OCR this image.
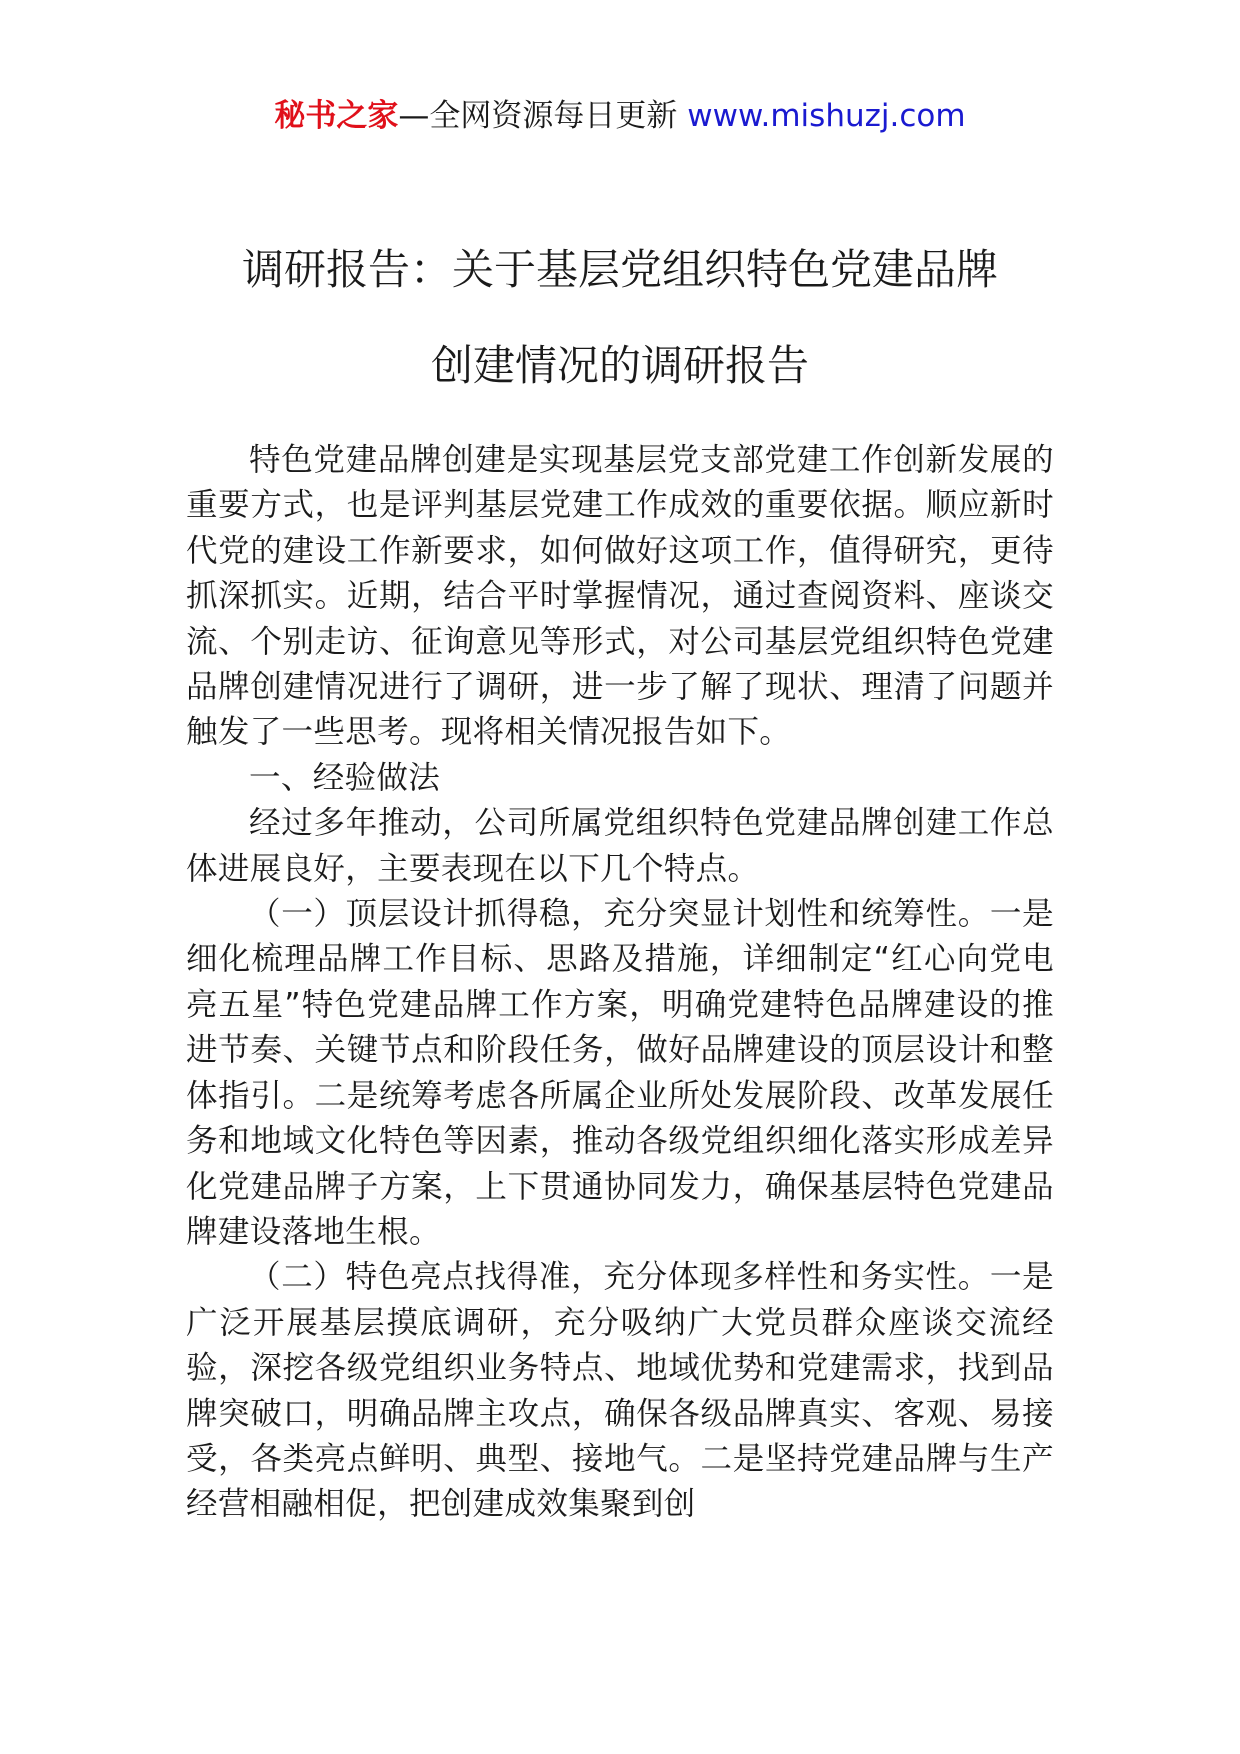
秘书之家—全网资源每日更新 www.mishuzj.com
调研报告：关于基层党组织特色党建品牌
创建情况的调研报告

特色党建品牌创建是实现基层党支部党建工作创新发展的重要方式，也是评判基层党建工作成效的重要依据。顺应新时代党的建设工作新要求，如何做好这项工作，值得研究，更待抓深抓实。近期，结合平时掌握情况，通过查阅资料、座谈交流、个别走访、征询意见等形式，对公司基层党组织特色党建品牌创建情况进行了调研，进一步了解了现状、理清了问题并触发了一些思考。现将相关情况报告如下。

一、经验做法

经过多年推动，公司所属党组织特色党建品牌创建工作总体进展良好，主要表现在以下几个特点。

（一）顶层设计抓得稳，充分突显计划性和统筹性。一是细化梳理品牌工作目标、思路及措施，详细制定“红心向党电亮五星”特色党建品牌工作方案，明确党建特色品牌建设的推进节奏、关键节点和阶段任务，做好品牌建设的顶层设计和整体指引。二是统筹考虑各所属企业所处发展阶段、改革发展任务和地域文化特色等因素，推动各级党组织细化落实形成差异化党建品牌子方案，上下贯通协同发力，确保基层特色党建品牌建设落地生根。

（二）特色亮点找得准，充分体现多样性和务实性。一是广泛开展基层摸底调研，充分吸纳广大党员群众座谈交流经验，深挖各级党组织业务特点、地域优势和党建需求，找到品牌突破口，明确品牌主攻点，确保各级品牌真实、客观、易接受，各类亮点鲜明、典型、接地气。二是坚持党建品牌与生产经营相融相促，把创建成效集聚到创
